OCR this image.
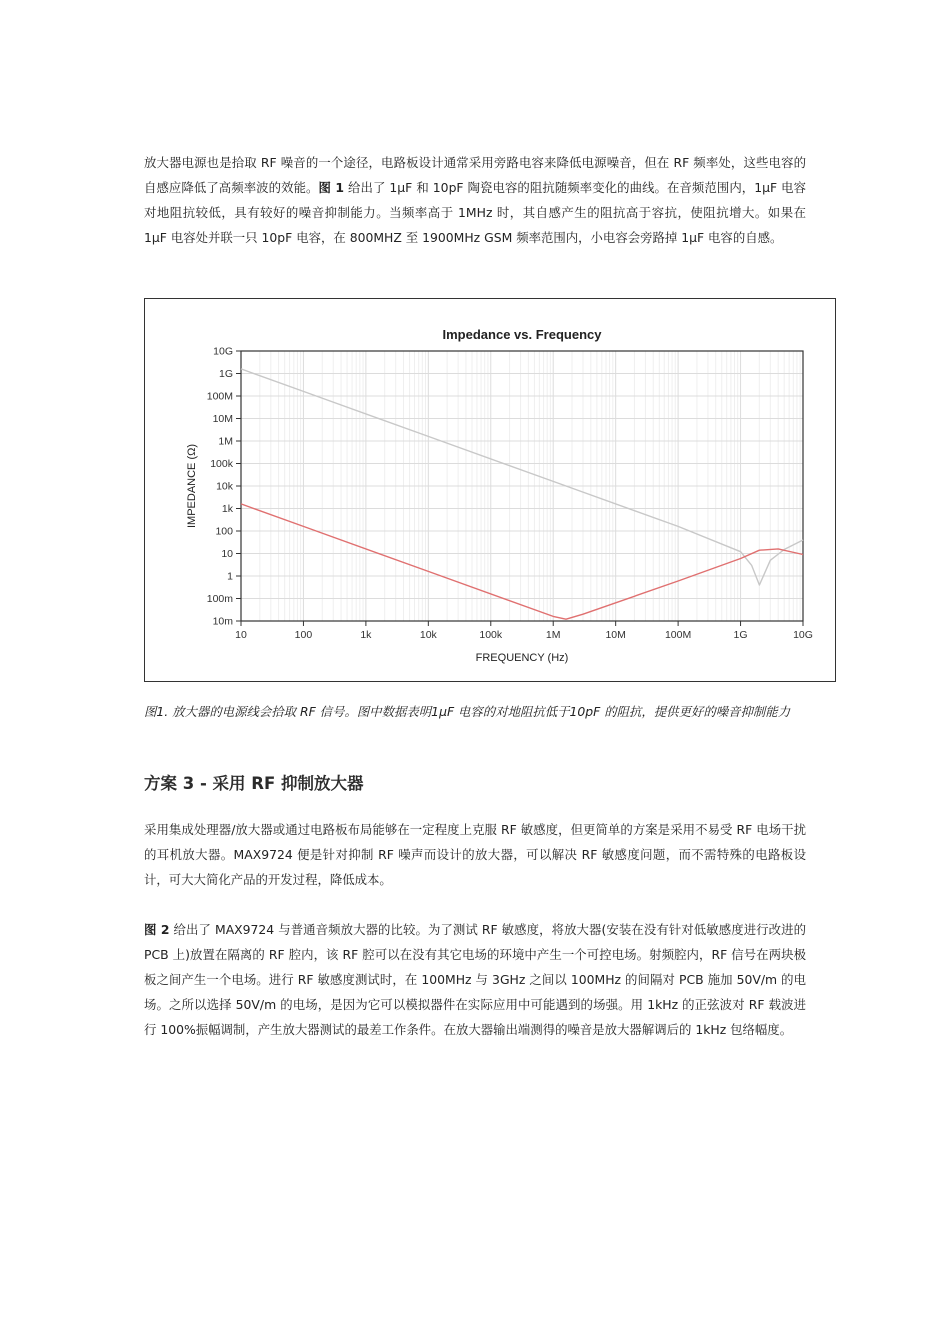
放大器电源也是拾取 RF 噪音的一个途径，电路板设计通常采用旁路电容来降低电源噪音，但在 RF 频率处，这些电容的自感应降低了高频率波的效能。图 1 给出了 1μF 和 10pF 陶瓷电容的阻抗随频率变化的曲线。在音频范围内，1μF 电容对地阻抗较低，具有较好的噪音抑制能力。当频率高于 1MHz 时，其自感产生的阻抗高于容抗，使阻抗增大。如果在 1μF 电容处并联一只 10pF 电容，在 800MHZ 至 1900MHz GSM 频率范围内，小电容会旁路掉 1μF 电容的自感。

10m
100m
1
10
100
1k
10k
100k
1M
10M
100M
1G
10G
10	100	1k	10k	100k	1M	10M	100M	1G	10G
Impedance vs. Frequency
FREQUENCY (Hz)
IMPEDANCE (Ω)
图1. 放大器的电源线会拾取 RF 信号。图中数据表明1μF 电容的对地阻抗低于10pF 的阻抗，提供更好的噪音抑制能力
方案 3 - 采用 RF 抑制放大器

采用集成处理器/放大器或通过电路板布局能够在一定程度上克服 RF 敏感度，但更简单的方案是采用不易受 RF 电场干扰的耳机放大器。MAX9724 便是针对抑制 RF 噪声而设计的放大器，可以解决 RF 敏感度问题，而不需特殊的电路板设计，可大大简化产品的开发过程，降低成本。

图 2 给出了 MAX9724 与普通音频放大器的比较。为了测试 RF 敏感度，将放大器(安装在没有针对低敏感度进行改进的 PCB 上)放置在隔离的 RF 腔内，该 RF 腔可以在没有其它电场的环境中产生一个可控电场。射频腔内，RF 信号在两块极板之间产生一个电场。进行 RF 敏感度测试时，在 100MHz 与 3GHz 之间以 100MHz 的间隔对 PCB 施加 50V/m 的电场。之所以选择 50V/m 的电场，是因为它可以模拟器件在实际应用中可能遇到的场强。用 1kHz 的正弦波对 RF 载波进行 100%振幅调制，产生放大器测试的最差工作条件。在放大器输出端测得的噪音是放大器解调后的 1kHz 包络幅度。
